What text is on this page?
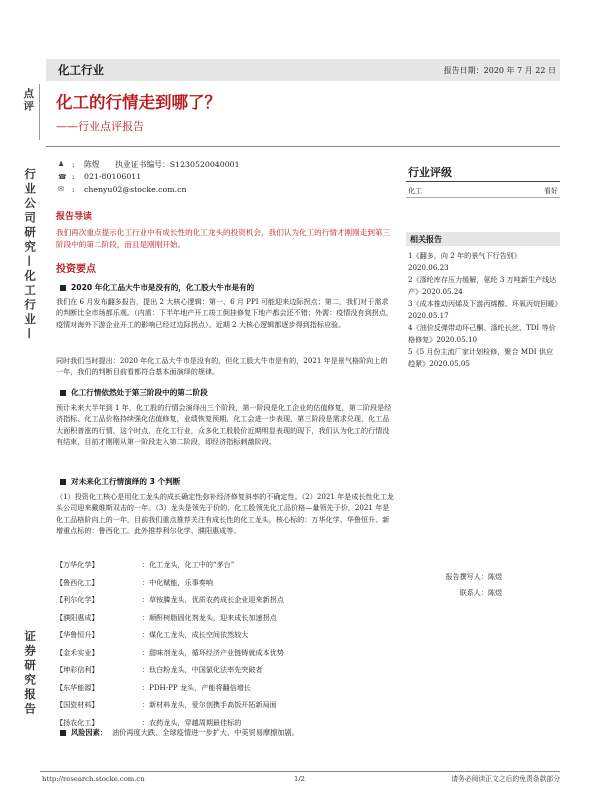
化工行业	报告日期：2020 年 7 月 22 日
点评 化工的行情走到哪了？
——行业点评报告
行业公司研究—化工行业—
证券研究报告
♟ :	陈煜　　执业证书编号：S1230520040001
☎ :	021-80106011
✉	:	chenyu02@stocke.com.cn
报告导读
我们再次重点提示化工行业中有成长性的化工龙头的投资机会，我们认为化工的行情才刚刚走到第三阶段中的第二阶段，而且是刚刚开始。
投资要点
2020 年化工品大牛市是没有的，化工股大牛市是有的
我们在 6 月发布翻多报告，提出 2 大核心逻辑：第一、6 月 PPI 可能迎来边际拐点；第二，我们对于需求的判断比全市场都乐观。（内需：下半年地产开工竣工倒挂修复下地产都会还不错；外需：疫情没有到拐点，疫情对海外下游企业开工的影响已经过边际拐点）。近期 2 大核心逻辑都逐步得到指标应验。
同时我们当时提出：2020 年化工品大牛市是没有的，但化工股大牛市是有的，2021 年是景气格阶向上的一年，我们的判断目前看都符合基本面演绎的规律。
化工行情依然处于第三阶段中的第二阶段
预计未来大半年到 1 年，化工股的行情会演绎出三个阶段，第一阶段是化工企业的估值修复，第二阶段是经济指标、化工品价格持续强化估值修复，业绩恢复预期，化工会进一步表现，第三阶段是需求兑现，化工品大面积普涨的行情，这个时点，在化工行业，众多化工股股价近期明显表现的现下，我们认为化工的行情没有结束，目前才刚刚从第一阶段走入第二阶段，即经济指标刺激阶段。
对未来化工行情演绎的 3 个判断
（1）投资化工核心是用化工龙头的成长确定性弥补经济修复斜率的不确定性。（2）2021 年是成长性化工龙头公司迎来戴维斯双击的一年。（3）龙头是领先于价的，化工股领先化工品价格—量领先于价，2021 年是化工品格阶向上的一年，目前我们重点推荐关注有成长性的化工龙头，核心标的：万华化学、华鲁恒升、新增重点标的：鲁西化工。此外推荐利尔化学、濮阳惠成等。
【万华化学】	：化工龙头，化工中的“茅台”
【鲁西化工】	：中化赋能，乐事奏响
【利尔化学】	：草铵膦龙头，优质农药成长企业迎来新拐点
【濮阳惠成】	：顺酐树脂固化剂龙头，迎来成长加速拐点
【华鲁恒升】	：煤化工龙头，成长空间依然较大
【金禾实业】	：甜味剂龙头，循环经济产业链铸就成本优势
【坤彩信利】	：钛白粉龙头，中国氯化法率先突破者
【东华能源】	：PDH-PP 龙头，产能将翻倍增长
【国瓷材料】	：新材料龙头，爱尔创携手高饭开拓新局面
【扬农化工】	：农药龙头，穿越周期最佳标的
风险因素： 油价再度大跌、全球疫情进一步扩大、中美贸易摩擦加剧。
行业评级
化工	看好
相关报告
1《翻多，向 2 年的景气下行告别》2020.06.23
2《涤纶库存压力缓解，氨纶 3 万吨新生产线达产》2020.05.24
3《成本推动丙烯及下游丙烯酸、环氧丙烷回暖》2020.05.17
4《油价反弹带动环己酮、涤纶长丝、TDI 等价格修复》2020.05.10
5《5 月份主流厂家计划检修，聚合 MDI 供应趋紧》2020.05.05
报告撰写人： 陈煜
联系人： 陈煜
http://research.stocke.com.cn	1/2	请务必阅读正文之后的免责条款部分
